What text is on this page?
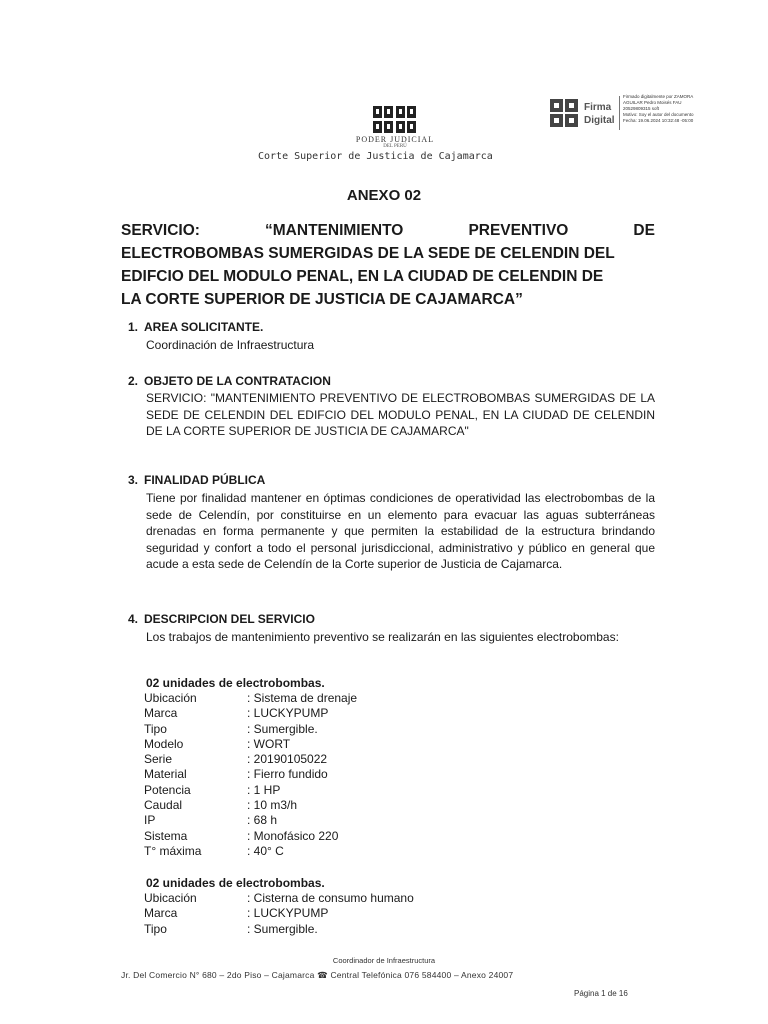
PODER JUDICIAL
DEL PERÚ
Corte Superior de Justicia de Cajamarca
Firma
Digital
Firmado digitalmente por ZAMORA
AGUILAR Pedro Moisés FAU
20529809315 soft
Motivo: Soy el autor del documento
Fecha: 19.06.2024 10:32:48 -05:00
ANEXO 02
SERVICIO:	“MANTENIMIENTO	PREVENTIVO	DE
ELECTROBOMBAS SUMERGIDAS DE LA SEDE DE CELENDIN DEL
EDIFCIO DEL MODULO PENAL, EN LA CIUDAD DE CELENDIN DE
LA CORTE SUPERIOR DE JUSTICIA DE CAJAMARCA”
1. AREA SOLICITANTE.
Coordinación de Infraestructura
2. OBJETO DE LA CONTRATACION
SERVICIO: "MANTENIMIENTO PREVENTIVO DE ELECTROBOMBAS SUMERGIDAS DE LA SEDE DE CELENDIN DEL EDIFCIO DEL MODULO PENAL, EN LA CIUDAD DE CELENDIN DE LA CORTE SUPERIOR DE JUSTICIA DE CAJAMARCA"
3. FINALIDAD PÚBLICA
Tiene por finalidad mantener en óptimas condiciones de operatividad las electrobombas de la sede de Celendín, por constituirse en un elemento para evacuar las aguas subterráneas drenadas en forma permanente y que permiten la estabilidad de la estructura brindando seguridad y confort a todo el personal jurisdiccional, administrativo y público en general que acude a esta sede de Celendín de la Corte superior de Justicia de Cajamarca.
4. DESCRIPCION DEL SERVICIO
Los trabajos de mantenimiento preventivo se realizarán en las siguientes electrobombas:
02 unidades de electrobombas.
Ubicación	: Sistema de drenaje
Marca	: LUCKYPUMP
Tipo	: Sumergible.
Modelo	: WORT
Serie	: 20190105022
Material	: Fierro fundido
Potencia	: 1 HP
Caudal	: 10 m3/h
IP	: 68 h
Sistema	: Monofásico 220
T° máxima	: 40° C
02 unidades de electrobombas.
Ubicación	: Cisterna de consumo humano
Marca	: LUCKYPUMP
Tipo	: Sumergible.
Coordinador de Infraestructura
Jr. Del Comercio N° 680 – 2do Piso – Cajamarca ☎ Central Telefónica 076 584400 – Anexo 24007
Página 1 de 16
